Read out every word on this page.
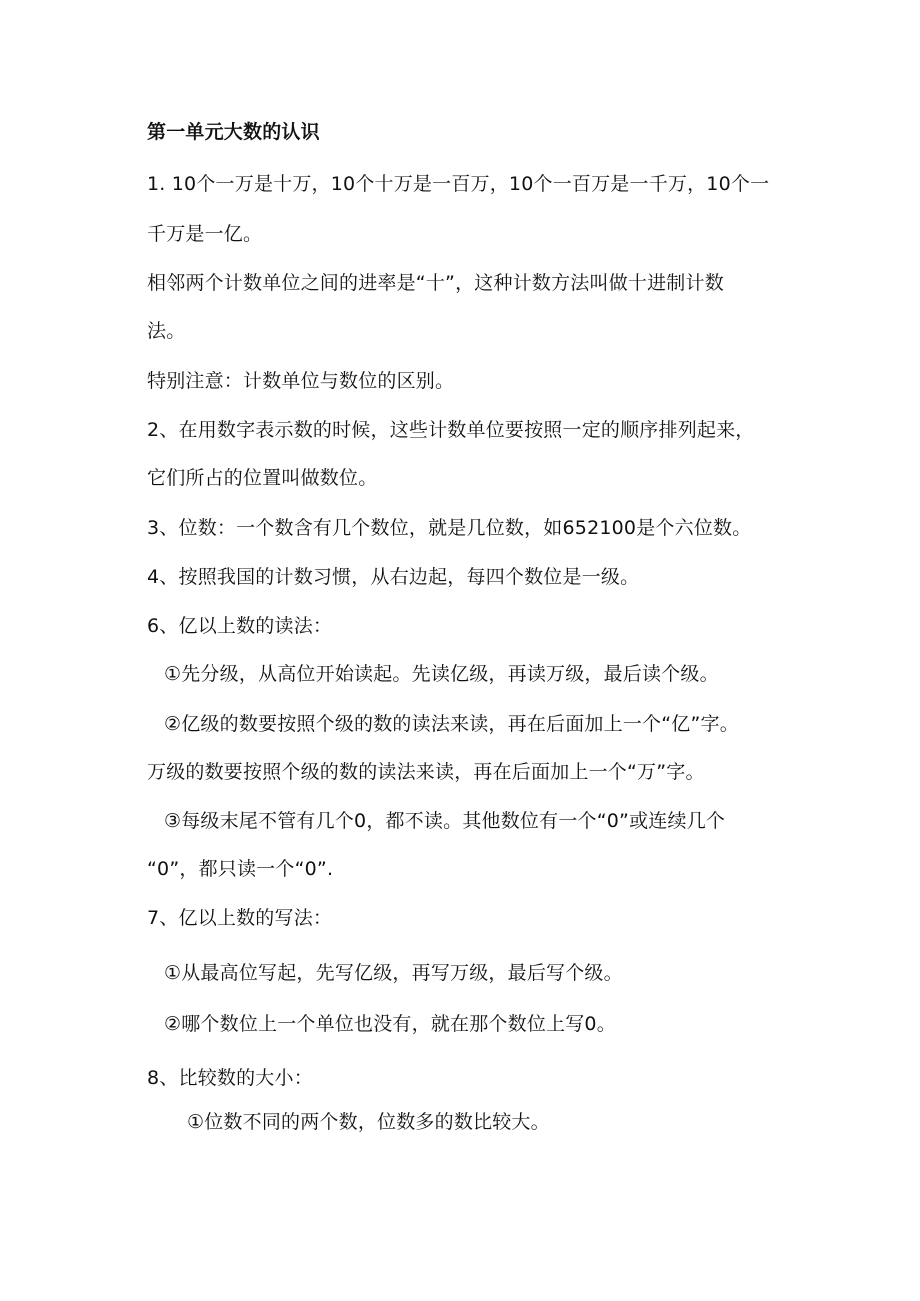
第一单元大数的认识
1. 10个一万是十万，10个十万是一百万，10个一百万是一千万，10个一
千万是一亿。
相邻两个计数单位之间的进率是“十”，这种计数方法叫做十进制计数
法。
特别注意：计数单位与数位的区别。
2、在用数字表示数的时候，这些计数单位要按照一定的顺序排列起来，
它们所占的位置叫做数位。
3、位数：一个数含有几个数位，就是几位数，如652100是个六位数。
4、按照我国的计数习惯，从右边起，每四个数位是一级。
6、亿以上数的读法：
①先分级，从高位开始读起。先读亿级，再读万级，最后读个级。
②亿级的数要按照个级的数的读法来读，再在后面加上一个“亿”字。
万级的数要按照个级的数的读法来读，再在后面加上一个“万”字。
③每级末尾不管有几个0，都不读。其他数位有一个“0”或连续几个
“0”，都只读一个“0”.
7、亿以上数的写法：
①从最高位写起，先写亿级，再写万级，最后写个级。
②哪个数位上一个单位也没有，就在那个数位上写0。
8、比较数的大小：
①位数不同的两个数，位数多的数比较大。
